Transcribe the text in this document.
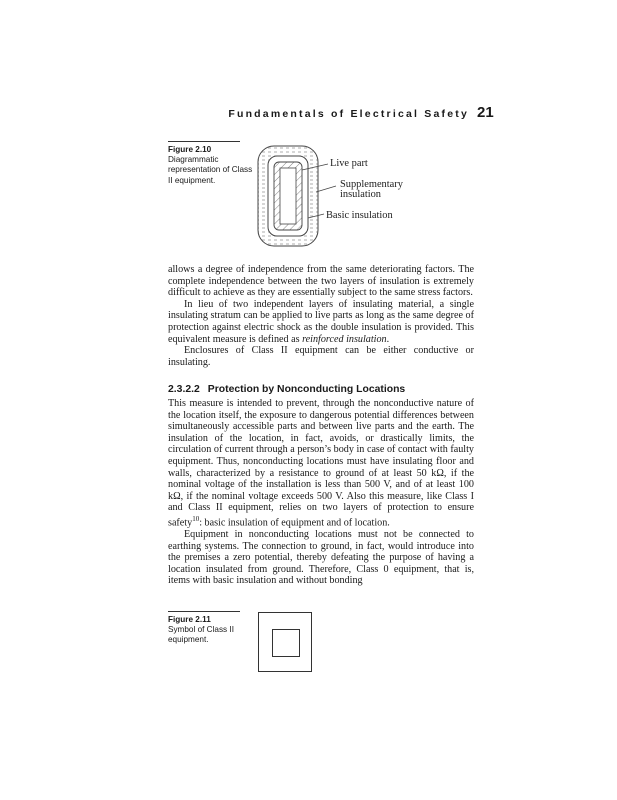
Fundamentals of Electrical Safety 21
Figure 2.10
Diagrammatic representation of Class II equipment.
Live part
Supplementary
insulation
Basic insulation

allows a degree of independence from the same deteriorating factors. The complete independence between the two layers of insulation is extremely difficult to achieve as they are essentially subject to the same stress factors.

In lieu of two independent layers of insulating material, a single insulating stratum can be applied to live parts as long as the same degree of protection against electric shock as the double insulation is provided. This equivalent measure is defined as reinforced insulation.

Enclosures of Class II equipment can be either conductive or insulating.

2.3.2.2 Protection by Nonconducting Locations

This measure is intended to prevent, through the nonconductive nature of the location itself, the exposure to dangerous potential differences between simultaneously accessible parts and between live parts and the earth. The insulation of the location, in fact, avoids, or drastically limits, the circulation of current through a person’s body in case of contact with faulty equipment. Thus, nonconducting locations must have insulating floor and walls, characterized by a resistance to ground of at least 50 kΩ, if the nominal voltage of the installation is less than 500 V, and of at least 100 kΩ, if the nominal voltage exceeds 500 V. Also this measure, like Class I and Class II equipment, relies on two layers of protection to ensure safety$^{10}$: basic insulation of equipment and of location.

Equipment in nonconducting locations must not be connected to earthing systems. The connection to ground, in fact, would introduce into the premises a zero potential, thereby defeating the purpose of having a location insulated from ground. Therefore, Class 0 equipment, that is, items with basic insulation and without bonding

Figure 2.11
Symbol of Class II equipment.
